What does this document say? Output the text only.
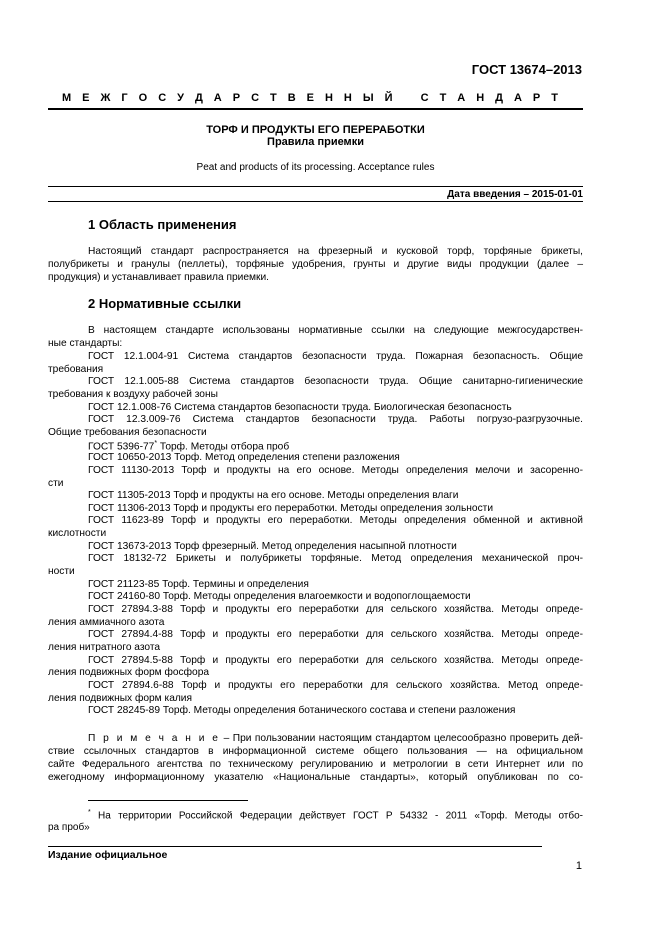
ГОСТ 13674–2013
М Е Ж Г О С У Д А Р С Т В Е Н Н Ы Й
	С Т А Н Д А Р Т
ТОРФ И ПРОДУКТЫ ЕГО ПЕРЕРАБОТКИ
Правила приемки
Peat and products of its processing. Acceptance rules
Дата введения – 2015-01-01
1 Область применения
Настоящий стандарт распространяется на фрезерный и кусковой торф, торфяные брикеты,
полубрикеты и гранулы (пеллеты), торфяные удобрения, грунты и другие виды продукции (далее –
продукция) и устанавливает правила приемки.
2 Нормативные ссылки
В настоящем стандарте использованы нормативные ссылки на следующие межгосударствен-
ные стандарты:
ГОСТ 12.1.004-91 Система стандартов безопасности труда. Пожарная безопасность. Общие
требования
ГОСТ 12.1.005-88 Система стандартов безопасности труда. Общие санитарно-гигиенические
требования к воздуху рабочей зоны
ГОСТ 12.1.008-76 Система стандартов безопасности труда. Биологическая безопасность
ГОСТ 12.3.009-76 Система стандартов безопасности труда. Работы погрузо-разгрузочные.
Общие требования безопасности
ГОСТ 5396-77* Торф. Методы отбора проб
ГОСТ 10650-2013 Торф. Метод определения степени разложения
ГОСТ 11130-2013 Торф и продукты на его основе. Методы определения мелочи и засоренно-
сти
ГОСТ 11305-2013 Торф и продукты на его основе. Методы определения влаги
ГОСТ 11306-2013 Торф и продукты его переработки. Методы определения зольности
ГОСТ 11623-89 Торф и продукты его переработки. Методы определения обменной и активной
кислотности
ГОСТ 13673-2013 Торф фрезерный. Метод определения насыпной плотности
ГОСТ 18132-72 Брикеты и полубрикеты торфяные. Метод определения механической проч-
ности
ГОСТ 21123-85 Торф. Термины и определения
ГОСТ 24160-80 Торф. Методы определения влагоемкости и водопоглощаемости
ГОСТ 27894.3-88 Торф и продукты его переработки для сельского хозяйства. Методы опреде-
ления аммиачного азота
ГОСТ 27894.4-88 Торф и продукты его переработки для сельского хозяйства. Методы опреде-
ления нитратного азота
ГОСТ 27894.5-88 Торф и продукты его переработки для сельского хозяйства. Методы опреде-
ления подвижных форм фосфора
ГОСТ 27894.6-88 Торф и продукты его переработки для сельского хозяйства. Метод опреде-
ления подвижных форм калия
ГОСТ 28245-89 Торф. Методы определения ботанического состава и степени разложения
П р и м е ч а н и е – При пользовании настоящим стандартом целесообразно проверить дей-
ствие ссылочных стандартов в информационной системе общего пользования — на официальном
сайте Федерального агентства по техническому регулированию и метрологии в сети Интернет или по
ежегодному информационному указателю «Национальные стандарты», который опубликован по со-
* На территории Российской Федерации действует ГОСТ Р 54332 - 2011 «Торф. Методы отбо-
ра проб»
Издание официальное
1
